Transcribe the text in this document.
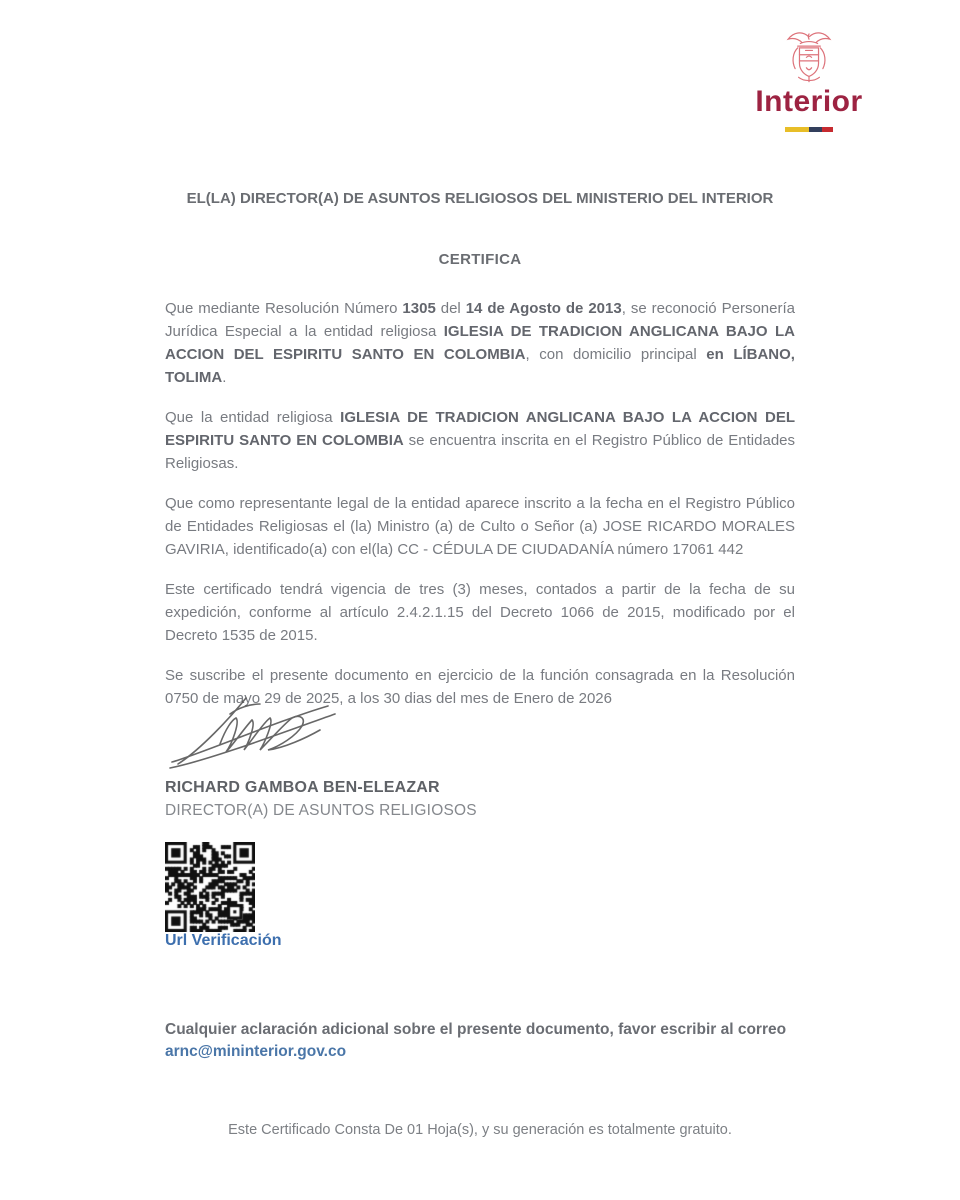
Interior
EL(LA) DIRECTOR(A) DE ASUNTOS RELIGIOSOS DEL MINISTERIO DEL INTERIOR
CERTIFICA

Que mediante Resolución Número 1305 del 14 de Agosto de 2013, se reconoció Personería Jurídica Especial a la entidad religiosa IGLESIA DE TRADICION ANGLICANA BAJO LA ACCION DEL ESPIRITU SANTO EN COLOMBIA, con domicilio principal en LÍBANO, TOLIMA.

Que la entidad religiosa IGLESIA DE TRADICION ANGLICANA BAJO LA ACCION DEL ESPIRITU SANTO EN COLOMBIA se encuentra inscrita en el Registro Público de Entidades Religiosas.

Que como representante legal de la entidad aparece inscrito a la fecha en el Registro Público de Entidades Religiosas el (la) Ministro (a) de Culto o Señor (a) JOSE RICARDO MORALES GAVIRIA, identificado(a) con el(la) CC - CÉDULA DE CIUDADANÍA número 17061 442

Este certificado tendrá vigencia de tres (3) meses, contados a partir de la fecha de su expedición, conforme al artículo 2.4.2.1.15 del Decreto 1066 de 2015, modificado por el Decreto 1535 de 2015.

Se suscribe el presente documento en ejercicio de la función consagrada en la Resolución 0750 de mayo 29 de 2025, a los 30 dias del mes de Enero de 2026

RICHARD GAMBOA BEN-ELEAZAR
DIRECTOR(A) DE ASUNTOS RELIGIOSOS
Url Verificación
Cualquier aclaración adicional sobre el presente documento, favor escribir al correo
arnc@mininterior.gov.co
Este Certificado Consta De 01 Hoja(s), y su generación es totalmente gratuito.
